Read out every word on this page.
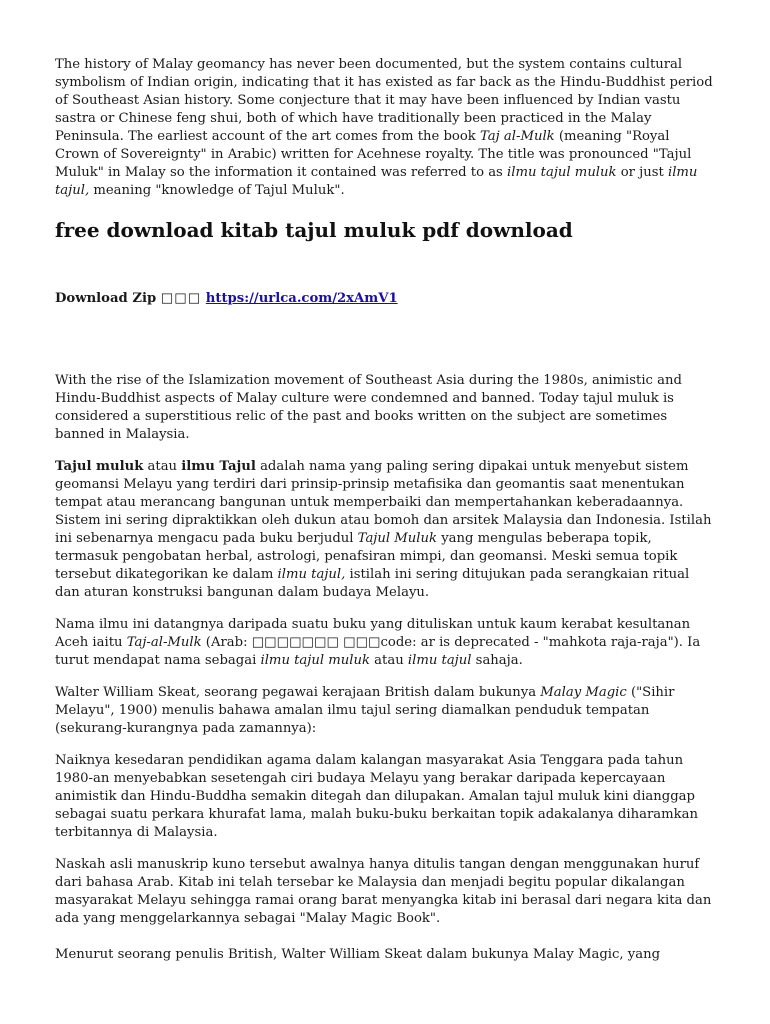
The history of Malay geomancy has never been documented, but the system contains cultural symbolism of Indian origin, indicating that it has existed as far back as the Hindu-Buddhist period of Southeast Asian history. Some conjecture that it may have been influenced by Indian vastu sastra or Chinese feng shui, both of which have traditionally been practiced in the Malay Peninsula. The earliest account of the art comes from the book Taj al-Mulk (meaning "Royal Crown of Sovereignty" in Arabic) written for Acehnese royalty. The title was pronounced "Tajul Muluk" in Malay so the information it contained was referred to as ilmu tajul muluk or just ilmu tajul, meaning "knowledge of Tajul Muluk".

free download kitab tajul muluk pdf download
Download Zip □□□ https://urlca.com/2xAmV1

With the rise of the Islamization movement of Southeast Asia during the 1980s, animistic and Hindu-Buddhist aspects of Malay culture were condemned and banned. Today tajul muluk is considered a superstitious relic of the past and books written on the subject are sometimes banned in Malaysia.

Tajul muluk atau ilmu Tajul adalah nama yang paling sering dipakai untuk menyebut sistem geomansi Melayu yang terdiri dari prinsip-prinsip metafisika dan geomantis saat menentukan tempat atau merancang bangunan untuk memperbaiki dan mempertahankan keberadaannya. Sistem ini sering dipraktikkan oleh dukun atau bomoh dan arsitek Malaysia dan Indonesia. Istilah ini sebenarnya mengacu pada buku berjudul Tajul Muluk yang mengulas beberapa topik, termasuk pengobatan herbal, astrologi, penafsiran mimpi, dan geomansi. Meski semua topik tersebut dikategorikan ke dalam ilmu tajul, istilah ini sering ditujukan pada serangkaian ritual dan aturan konstruksi bangunan dalam budaya Melayu.

Nama ilmu ini datangnya daripada suatu buku yang dituliskan untuk kaum kerabat kesultanan Aceh iaitu Taj-al-Mulk (Arab: □□□□□□□ □□□code: ar is deprecated - "mahkota raja-raja"). Ia turut mendapat nama sebagai ilmu tajul muluk atau ilmu tajul sahaja.

Walter William Skeat, seorang pegawai kerajaan British dalam bukunya Malay Magic ("Sihir Melayu", 1900) menulis bahawa amalan ilmu tajul sering diamalkan penduduk tempatan (sekurang-kurangnya pada zamannya):

Naiknya kesedaran pendidikan agama dalam kalangan masyarakat Asia Tenggara pada tahun 1980-an menyebabkan sesetengah ciri budaya Melayu yang berakar daripada kepercayaan animistik dan Hindu-Buddha semakin ditegah dan dilupakan. Amalan tajul muluk kini dianggap sebagai suatu perkara khurafat lama, malah buku-buku berkaitan topik adakalanya diharamkan terbitannya di Malaysia.

Naskah asli manuskrip kuno tersebut awalnya hanya ditulis tangan dengan menggunakan huruf dari bahasa Arab. Kitab ini telah tersebar ke Malaysia dan menjadi begitu popular dikalangan masyarakat Melayu sehingga ramai orang barat menyangka kitab ini berasal dari negara kita dan ada yang menggelarkannya sebagai "Malay Magic Book".

Menurut seorang penulis British, Walter William Skeat dalam bukunya Malay Magic, yang
